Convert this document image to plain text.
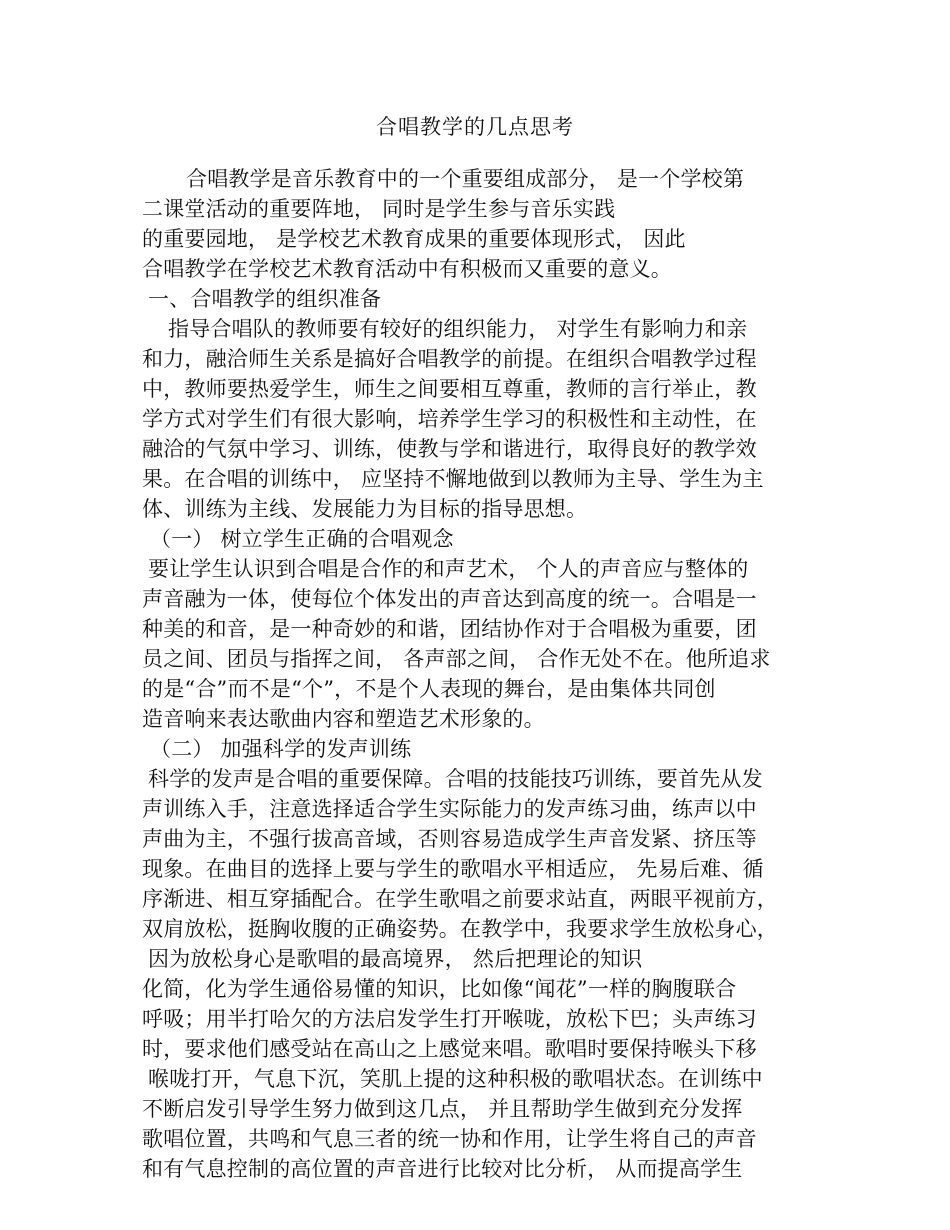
合唱教学的几点思考
合唱教学是音乐教育中的一个重要组成部分， 是一个学校第
二课堂活动的重要阵地， 同时是学生参与音乐实践
的重要园地， 是学校艺术教育成果的重要体现形式， 因此
合唱教学在学校艺术教育活动中有积极而又重要的意义。
一、合唱教学的组织准备
指导合唱队的教师要有较好的组织能力， 对学生有影响力和亲
和力，融洽师生关系是搞好合唱教学的前提。在组织合唱教学过程
中，教师要热爱学生，师生之间要相互尊重，教师的言行举止，教
学方式对学生们有很大影响，培养学生学习的积极性和主动性，在
融洽的气氛中学习、训练，使教与学和谐进行，取得良好的教学效
果。在合唱的训练中， 应坚持不懈地做到以教师为主导、学生为主
体、训练为主线、发展能力为目标的指导思想。
（一） 树立学生正确的合唱观念
要让学生认识到合唱是合作的和声艺术， 个人的声音应与整体的
声音融为一体，使每位个体发出的声音达到高度的统一。合唱是一
种美的和音，是一种奇妙的和谐，团结协作对于合唱极为重要，团
员之间、团员与指挥之间， 各声部之间， 合作无处不在。他所追求
的是“合”而不是“个”，不是个人表现的舞台，是由集体共同创
造音响来表达歌曲内容和塑造艺术形象的。
（二） 加强科学的发声训练
科学的发声是合唱的重要保障。合唱的技能技巧训练，要首先从发
声训练入手，注意选择适合学生实际能力的发声练习曲，练声以中
声曲为主，不强行拔高音域，否则容易造成学生声音发紧、挤压等
现象。在曲目的选择上要与学生的歌唱水平相适应， 先易后难、循
序渐进、相互穿插配合。在学生歌唱之前要求站直，两眼平视前方，
双肩放松，挺胸收腹的正确姿势。在教学中，我要求学生放松身心，
因为放松身心是歌唱的最高境界， 然后把理论的知识
化简，化为学生通俗易懂的知识，比如像“闻花”一样的胸腹联合
呼吸；用半打哈欠的方法启发学生打开喉咙，放松下巴；头声练习
时，要求他们感受站在高山之上感觉来唱。歌唱时要保持喉头下移
喉咙打开，气息下沉，笑肌上提的这种积极的歌唱状态。在训练中
不断启发引导学生努力做到这几点， 并且帮助学生做到充分发挥
歌唱位置，共鸣和气息三者的统一协和作用，让学生将自己的声音
和有气息控制的高位置的声音进行比较对比分析， 从而提高学生
